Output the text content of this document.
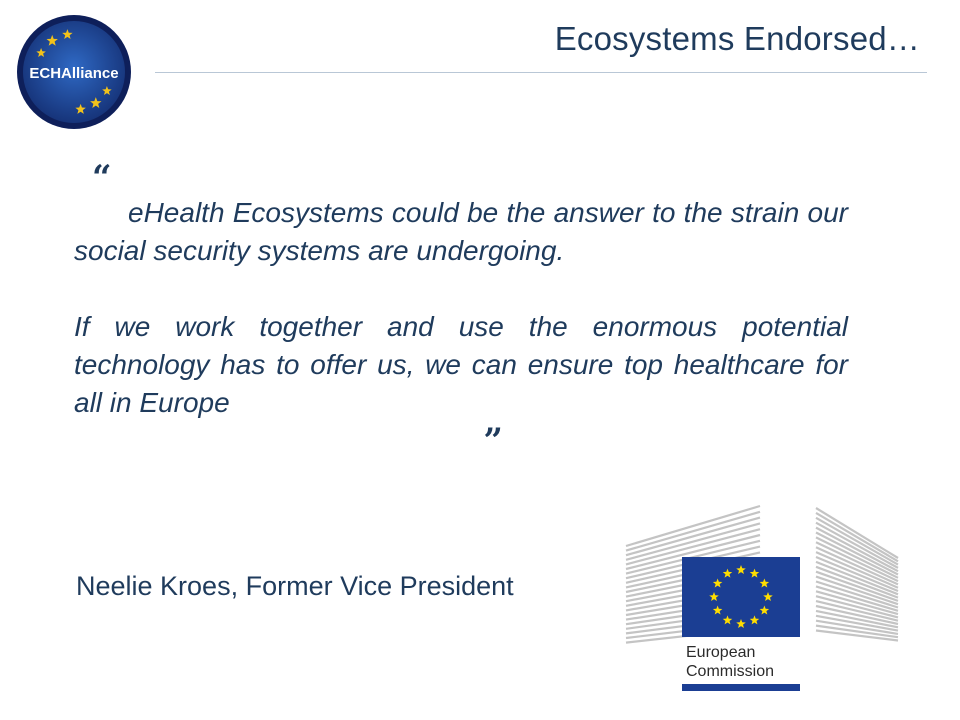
ECHAlliance
Ecosystems Endorsed…
“

eHealth Ecosystems could be the answer to the strain our social security systems are undergoing.

If we work together and use the enormous potential technology has to offer us, we can ensure top healthcare for all in Europe	„
Neelie Kroes, Former Vice President
European
Commission
